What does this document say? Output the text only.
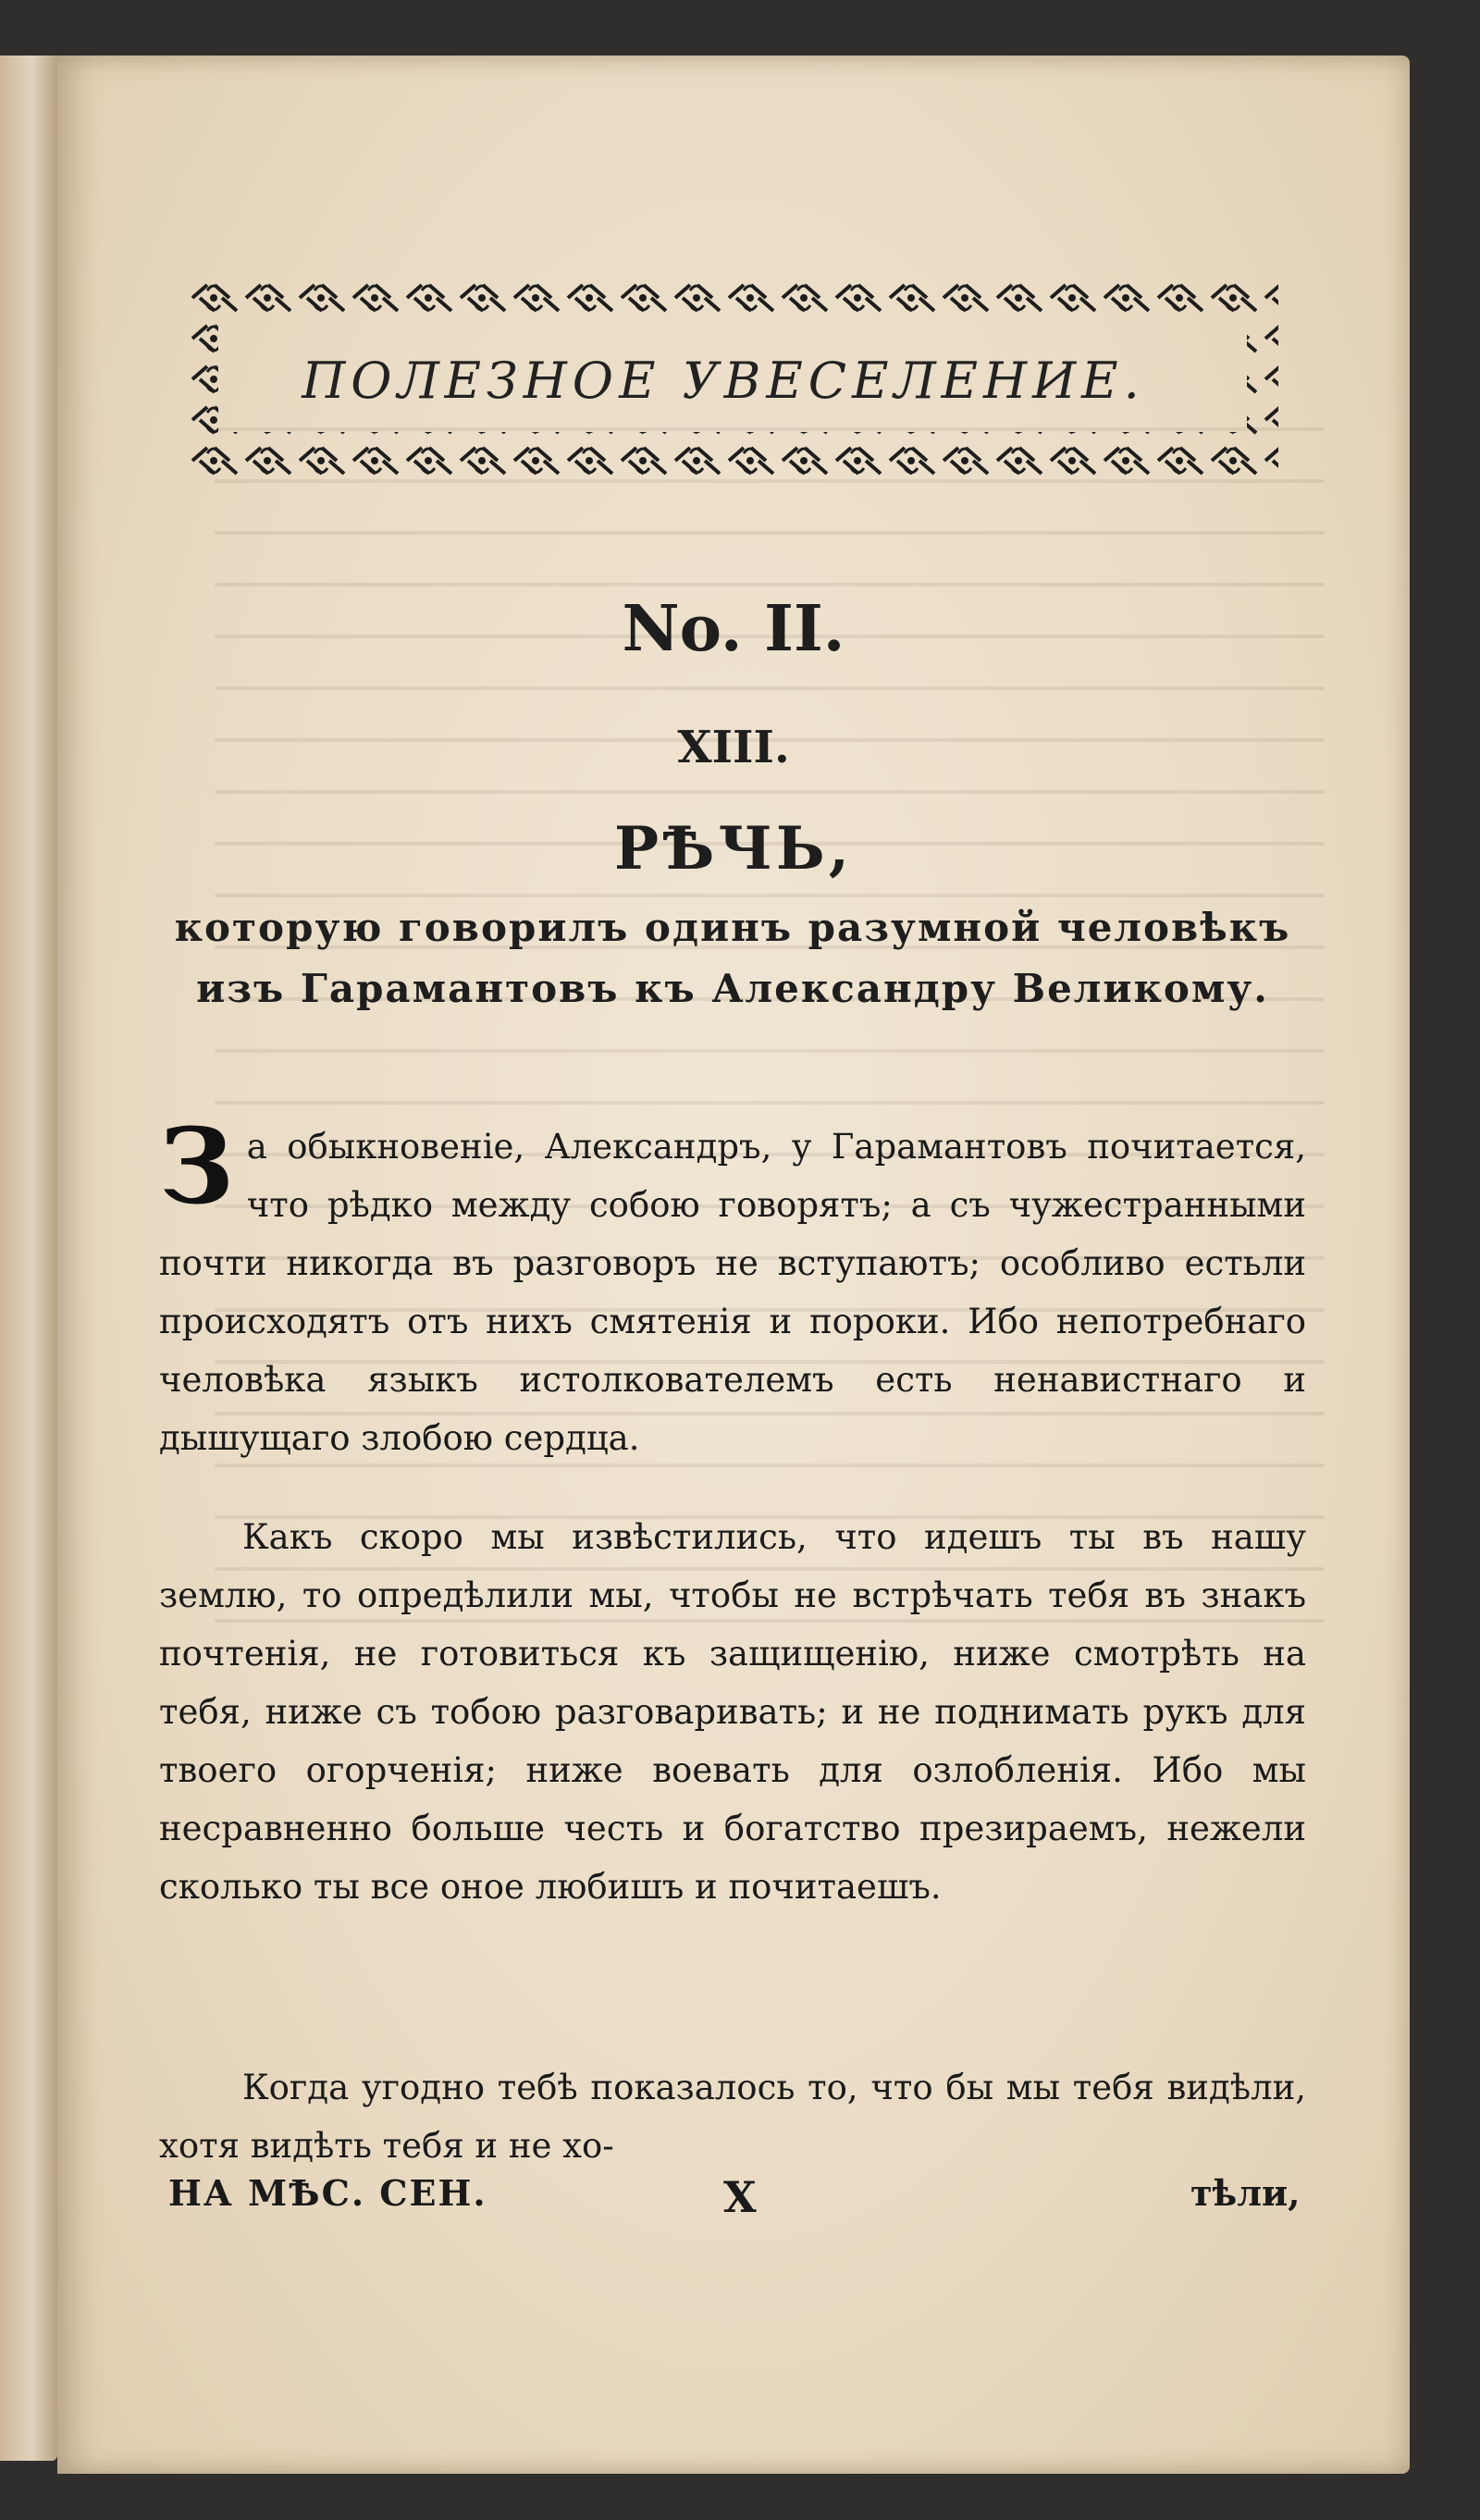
ПОЛЕЗНОЕ УВЕСЕЛЕНИЕ.
No. II.
XIII.
РѢЧЬ,
которую говорилъ одинъ разумной человѣкъ изъ Гарамантовъ къ Александру Великому.
За обыкновеніе, Александръ, у Гарамантовъ почитается, что рѣдко между собою говорятъ; а съ чужестранными почти никогда въ разговоръ не вступаютъ; особливо естьли происходятъ отъ нихъ смятенія и пороки. Ибо непотребнаго человѣка языкъ истолкователемъ есть ненавистнаго и дышущаго злобою сердца.
Какъ скоро мы извѣстились, что идешъ ты въ нашу землю, то опредѣлили мы, чтобы не встрѣчать тебя въ знакъ почтенія, не готовиться къ защищенію, ниже смотрѣть на тебя, ниже съ тобою разговаривать; и не поднимать рукъ для твоего огорченія; ниже воевать для озлобленія. Ибо мы несравненно больше честь и богатство презираемъ, нежели сколько ты все оное любишъ и почитаешъ.
Когда угодно тебѣ показалось то, что бы мы тебя видѣли, хотя видѣть тебя и не хо-
НА МѢС. СЕН.	X	тѣли,
